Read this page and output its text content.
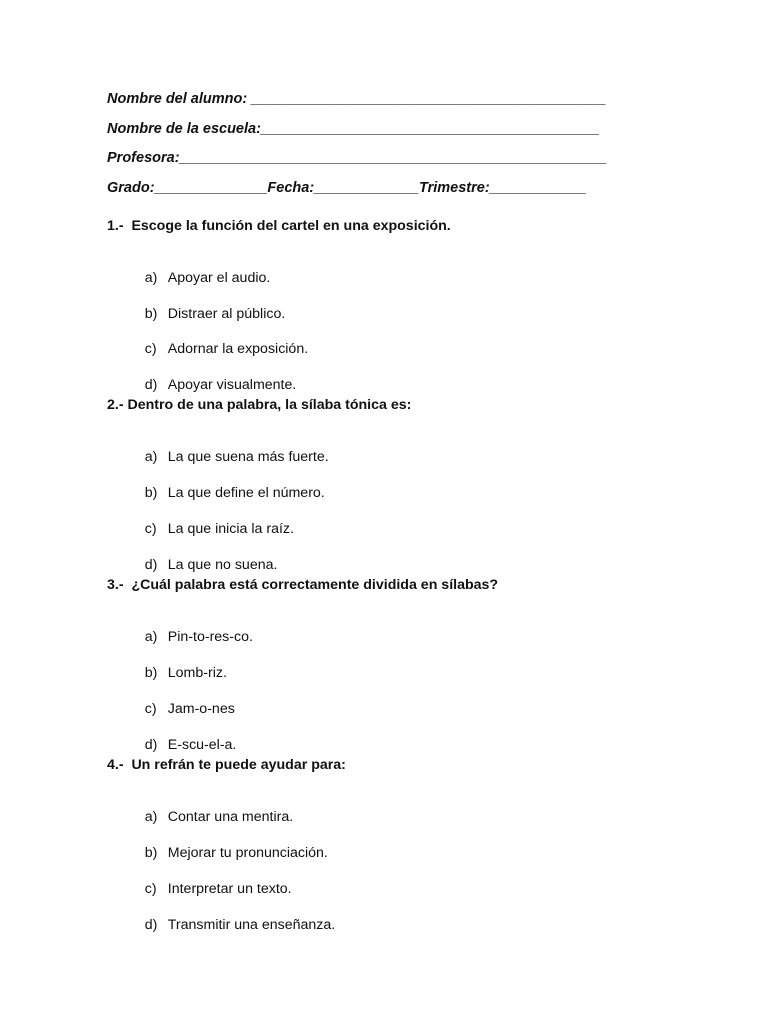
Nombre del alumno: ____________________________________________
Nombre de la escuela:__________________________________________
Profesora:_____________________________________________________
Grado:______________Fecha:_____________Trimestre:____________
1.-  Escoge la función del cartel en una exposición.

a) Apoyar el audio.

b) Distraer al público.

c) Adornar la exposición.

d) Apoyar visualmente.

2.- Dentro de una palabra, la sílaba tónica es:

a) La que suena más fuerte.

b) La que define el número.

c) La que inicia la raíz.

d) La que no suena.

3.-  ¿Cuál palabra está correctamente dividida en sílabas?

a) Pin-to-res-co.

b) Lomb-riz.

c) Jam-o-nes

d) E-scu-el-a.

4.-  Un refrán te puede ayudar para:

a) Contar una mentira.

b) Mejorar tu pronunciación.

c) Interpretar un texto.

d) Transmitir una enseñanza.
